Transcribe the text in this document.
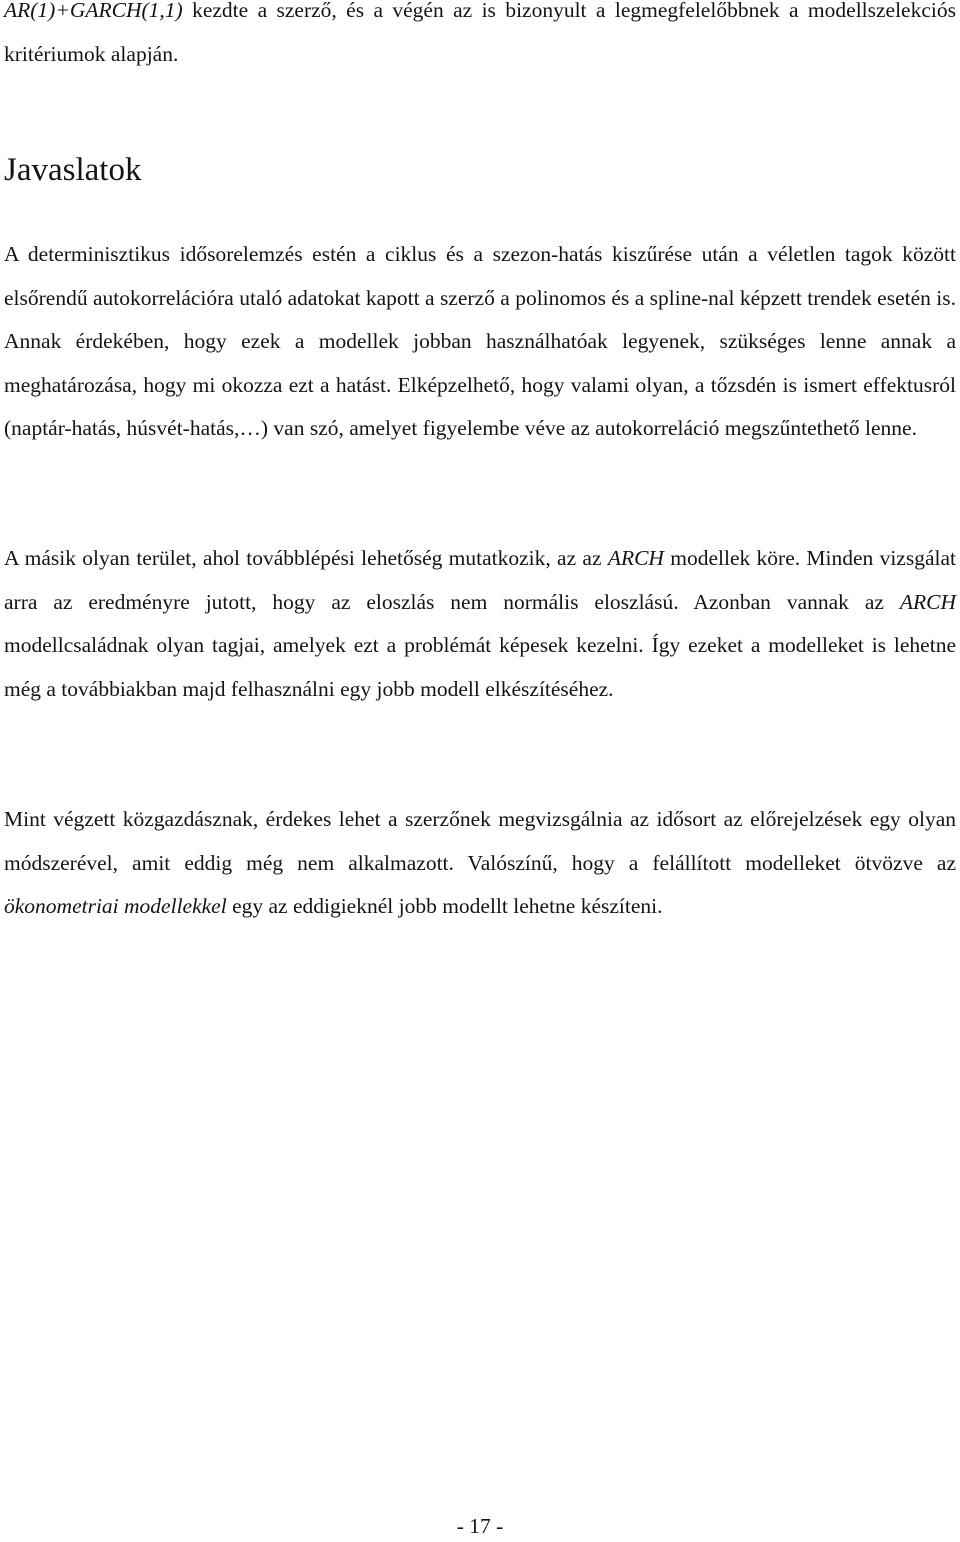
AR(1)+GARCH(1,1) kezdte a szerző, és a végén az is bizonyult a legmegfelelőbbnek a modellszelekciós kritériumok alapján.

Javaslatok

A determinisztikus idősorelemzés estén a ciklus és a szezon-hatás kiszűrése után a véletlen tagok között elsőrendű autokorrelációra utaló adatokat kapott a szerző a polinomos és a spline-nal képzett trendek esetén is. Annak érdekében, hogy ezek a modellek jobban használhatóak legyenek, szükséges lenne annak a meghatározása, hogy mi okozza ezt a hatást. Elképzelhető, hogy valami olyan, a tőzsdén is ismert effektusról (naptár-hatás, húsvét-hatás,…) van szó, amelyet figyelembe véve az autokorreláció megszűntethető lenne.

A másik olyan terület, ahol továbblépési lehetőség mutatkozik, az az ARCH modellek köre. Minden vizsgálat arra az eredményre jutott, hogy az eloszlás nem normális eloszlású. Azonban vannak az ARCH modellcsaládnak olyan tagjai, amelyek ezt a problémát képesek kezelni. Így ezeket a modelleket is lehetne még a továbbiakban majd felhasználni egy jobb modell elkészítéséhez.

Mint végzett közgazdásznak, érdekes lehet a szerzőnek megvizsgálnia az idősort az előrejelzések egy olyan módszerével, amit eddig még nem alkalmazott. Valószínű, hogy a felállított modelleket ötvözve az ökonometriai modellekkel egy az eddigieknél jobb modellt lehetne készíteni.

- 17 -
